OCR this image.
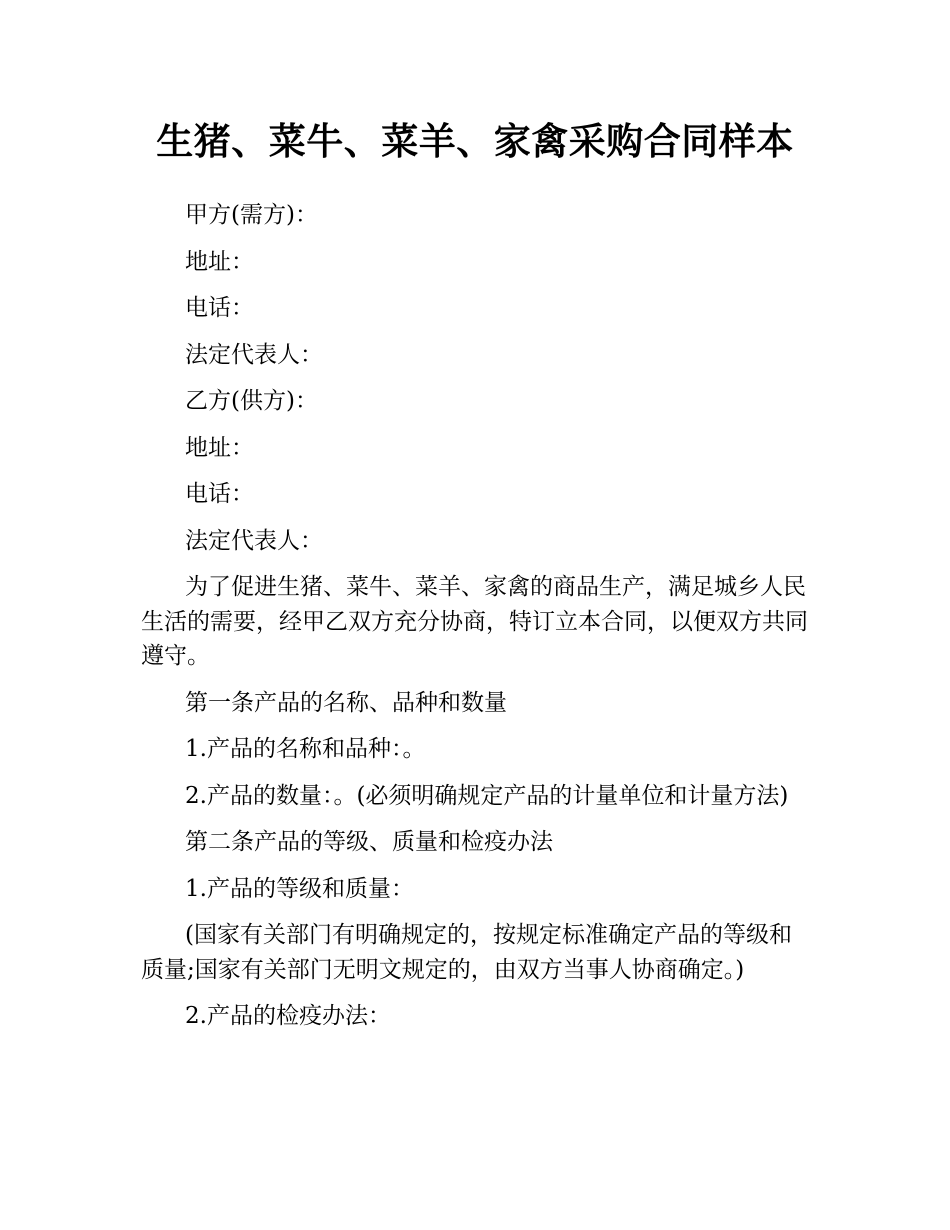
生猪、菜牛、菜羊、家禽采购合同样本

甲方(需方)：

地址：

电话：

法定代表人：

乙方(供方)：

地址：

电话：

法定代表人：

为了促进生猪、菜牛、菜羊、家禽的商品生产，满足城乡人民生活的需要，经甲乙双方充分协商，特订立本合同，以便双方共同遵守。

第一条产品的名称、品种和数量

1.产品的名称和品种：。

2.产品的数量：。(必须明确规定产品的计量单位和计量方法)

第二条产品的等级、质量和检疫办法

1.产品的等级和质量：

(国家有关部门有明确规定的，按规定标准确定产品的等级和质量;国家有关部门无明文规定的，由双方当事人协商确定。)

2.产品的检疫办法：
